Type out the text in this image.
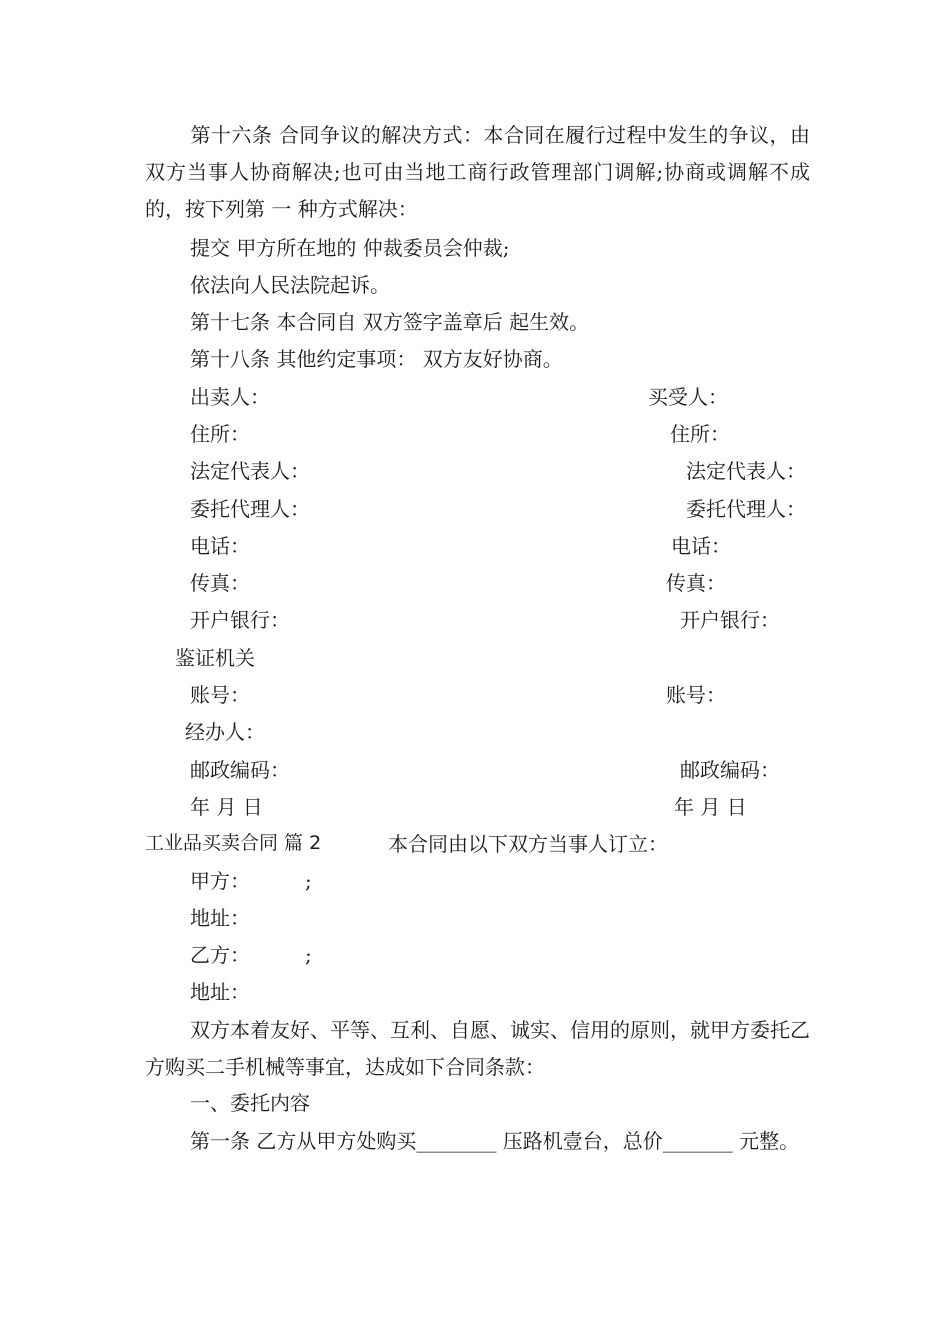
第十六条 合同争议的解决方式：本合同在履行过程中发生的争议，由双方当事人协商解决;也可由当地工商行政管理部门调解;协商或调解不成的，按下列第 一 种方式解决：
提交 甲方所在地的 仲裁委员会仲裁;
依法向人民法院起诉。
第十七条 本合同自 双方签字盖章后 起生效。
第十八条 其他约定事项： 双方友好协商。
出卖人：	买受人：
住所：	住所：
法定代表人：	法定代表人：
委托代理人：	委托代理人：
电话：	电话：
传真：	传真：
开户银行：	开户银行：
鉴证机关
账号：	账号：
经办人：
邮政编码：	邮政编码：
年 月 日	年 月 日
工业品买卖合同 篇 2	本合同由以下双方当事人订立：
甲方：	;
地址：
乙方：	;
地址：
双方本着友好、平等、互利、自愿、诚实、信用的原则，就甲方委托乙方购买二手机械等事宜，达成如下合同条款：
一、委托内容
第一条 乙方从甲方处购买________ 压路机壹台，总价_______ 元整。
